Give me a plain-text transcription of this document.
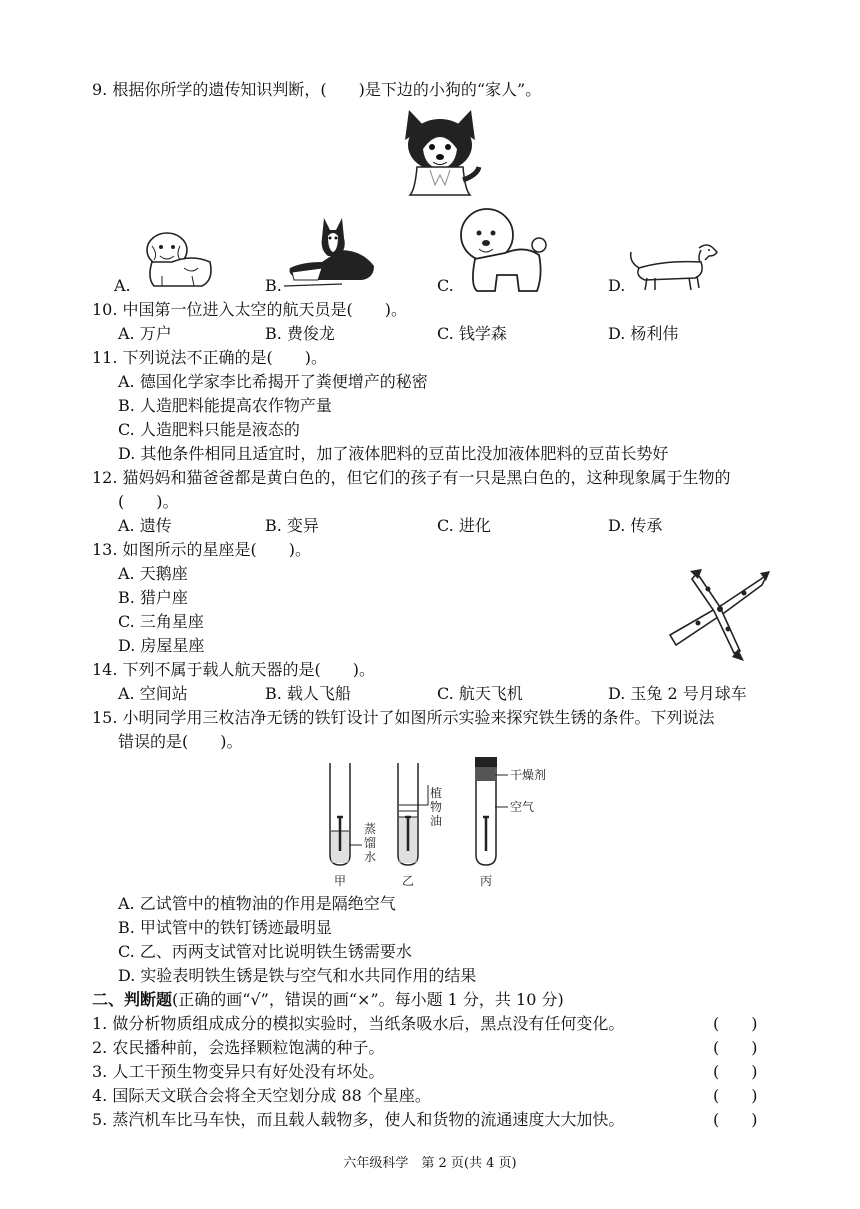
9. 根据你所学的遗传知识判断，(　　)是下边的小狗的“家人”。
A.	B.	C.	D.
10. 中国第一位进入太空的航天员是(　　)。
A. 万户	B. 费俊龙	C. 钱学森	D. 杨利伟
11. 下列说法不正确的是(　　)。
A. 德国化学家李比希揭开了粪便增产的秘密
B. 人造肥料能提高农作物产量
C. 人造肥料只能是液态的
D. 其他条件相同且适宜时，加了液体肥料的豆苗比没加液体肥料的豆苗长势好
12. 猫妈妈和猫爸爸都是黄白色的，但它们的孩子有一只是黑白色的，这种现象属于生物的
(　　)。
A. 遗传	B. 变异	C. 进化	D. 传承
13. 如图所示的星座是(　　)。
A. 天鹅座
B. 猎户座
C. 三角星座
D. 房屋星座
14. 下列不属于载人航天器的是(　　)。
A. 空间站	B. 载人飞船	C. 航天飞机	D. 玉兔 2 号月球车
15. 小明同学用三枚洁净无锈的铁钉设计了如图所示实验来探究铁生锈的条件。下列说法
错误的是(　　)。
蒸
馏
水
植
物
油
干燥剂
空气
甲	乙	丙
A. 乙试管中的植物油的作用是隔绝空气
B. 甲试管中的铁钉锈迹最明显
C. 乙、丙两支试管对比说明铁生锈需要水
D. 实验表明铁生锈是铁与空气和水共同作用的结果
二、判断题(正确的画“√”，错误的画“×”。每小题 1 分，共 10 分)
1. 做分析物质组成成分的模拟实验时，当纸条吸水后，黑点没有任何变化。	(　　)
2. 农民播种前，会选择颗粒饱满的种子。	(　　)
3. 人工干预生物变异只有好处没有坏处。	(　　)
4. 国际天文联合会将全天空划分成 88 个星座。	(　　)
5. 蒸汽机车比马车快，而且载人载物多，使人和货物的流通速度大大加快。	(　　)
六年级科学　第 2 页(共 4 页)
